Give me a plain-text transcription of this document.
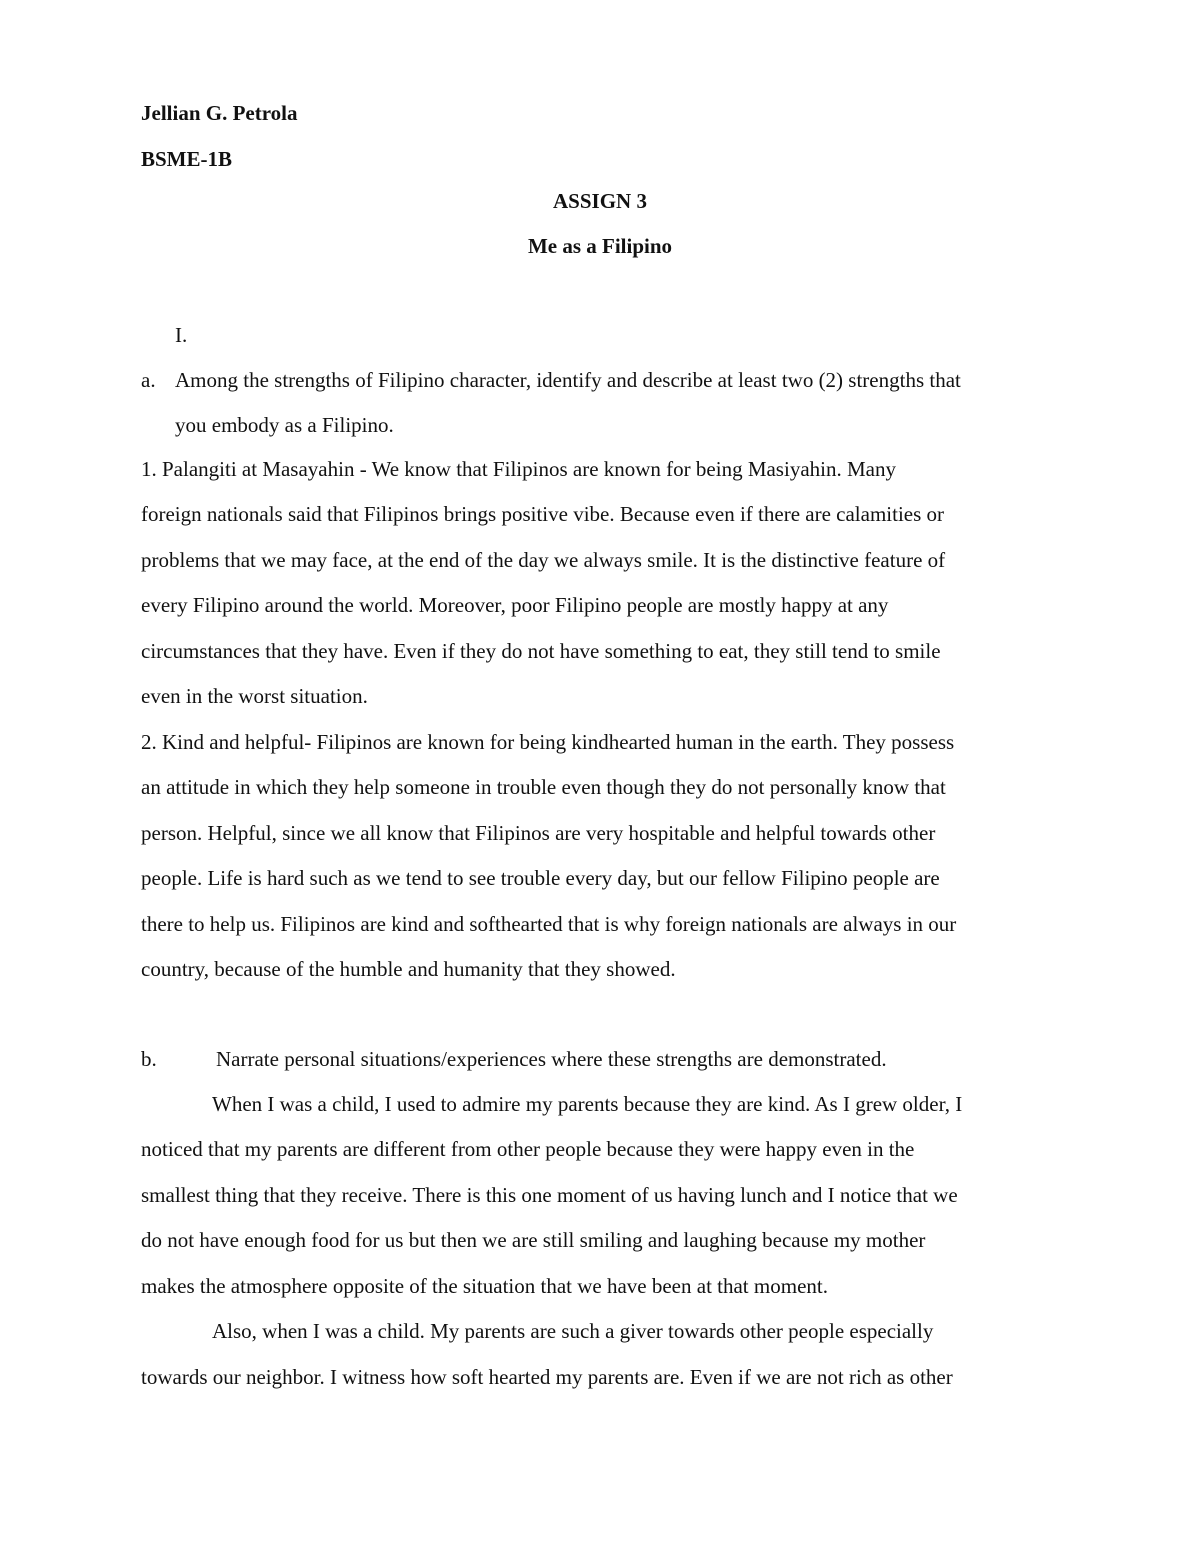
Jellian G. Petrola
BSME-1B
ASSIGN 3
Me as a Filipino
I.
a. Among the strengths of Filipino character, identify and describe at least two (2) strengths that
you embody as a Filipino.
1. Palangiti at Masayahin - We know that Filipinos are known for being Masiyahin. Many
foreign nationals said that Filipinos brings positive vibe. Because even if there are calamities or
problems that we may face, at the end of the day we always smile. It is the distinctive feature of
every Filipino around the world. Moreover, poor Filipino people are mostly happy at any
circumstances that they have. Even if they do not have something to eat, they still tend to smile
even in the worst situation.
2. Kind and helpful- Filipinos are known for being kindhearted human in the earth. They possess
an attitude in which they help someone in trouble even though they do not personally know that
person. Helpful, since we all know that Filipinos are very hospitable and helpful towards other
people. Life is hard such as we tend to see trouble every day, but our fellow Filipino people are
there to help us. Filipinos are kind and softhearted that is why foreign nationals are always in our
country, because of the humble and humanity that they showed.
b.	Narrate personal situations/experiences where these strengths are demonstrated.
When I was a child, I used to admire my parents because they are kind. As I grew older, I
noticed that my parents are different from other people because they were happy even in the
smallest thing that they receive. There is this one moment of us having lunch and I notice that we
do not have enough food for us but then we are still smiling and laughing because my mother
makes the atmosphere opposite of the situation that we have been at that moment.
Also, when I was a child. My parents are such a giver towards other people especially
towards our neighbor. I witness how soft hearted my parents are. Even if we are not rich as other
